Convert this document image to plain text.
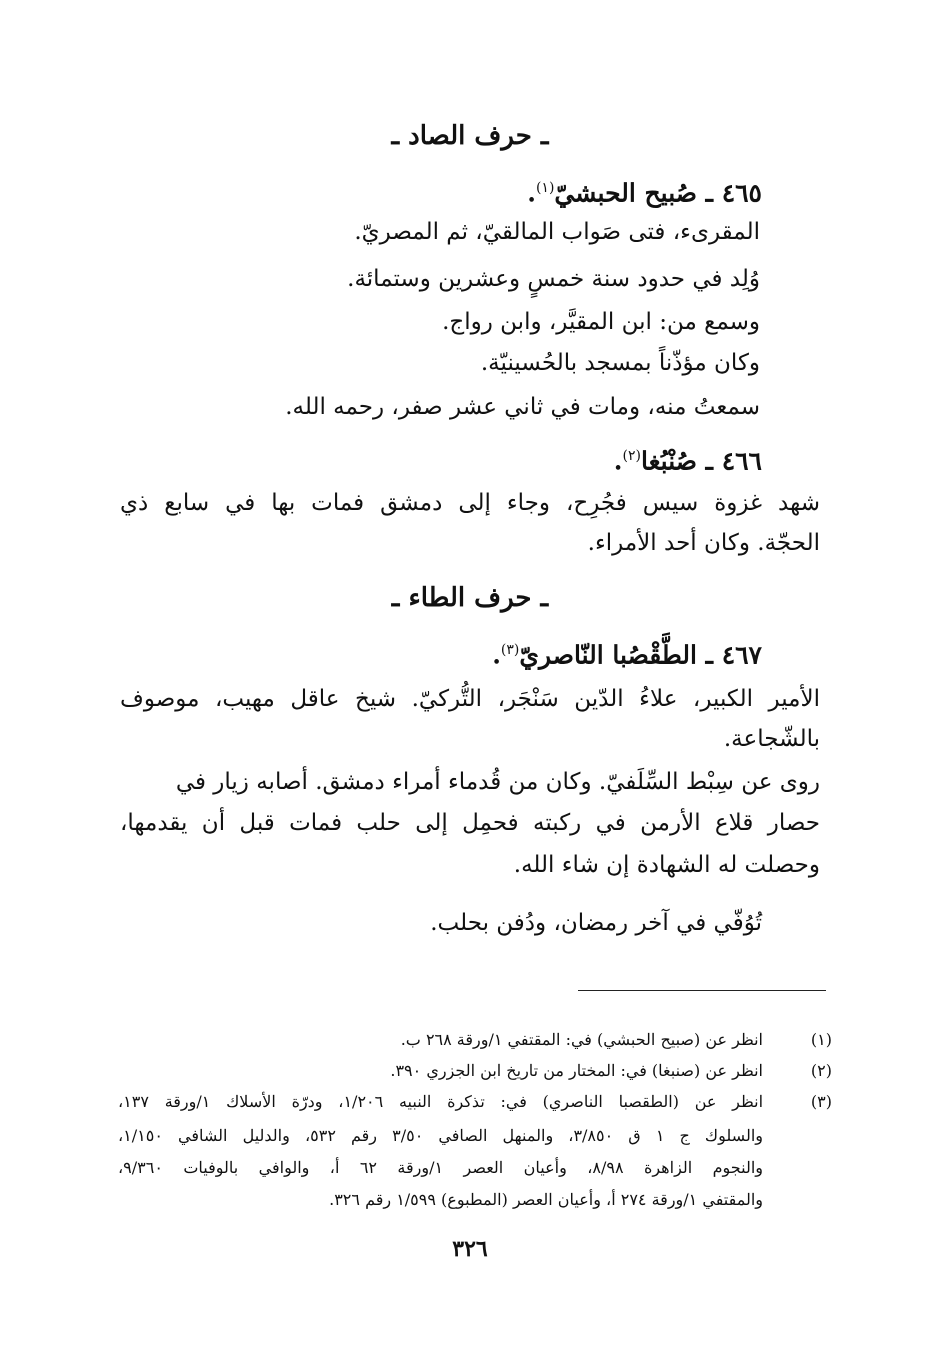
ـ حرف الصاد ـ
٤٦٥ ـ صُبيح الحبشيّ$^{(١)}$.
المقرىء، فتى صَواب المالقيّ، ثم المصريّ.
وُلِد في حدود سنة خمسٍ وعشرين وستمائة.
وسمع من: ابن المقيَّر، وابن رواج.
وكان مؤذّناً بمسجد بالحُسينيّة.
سمعتُ منه، ومات في ثاني عشر صفر، رحمه الله.
٤٦٦ ـ صُنْبُغا$^{(٢)}$.
شهد غزوة سيس فجُرِح، وجاء إلى دمشق فمات بها في سابع ذي
الحجّة. وكان أحد الأمراء.
ـ حرف الطاء ـ
٤٦٧ ـ الطَّقْصُبا النّاصريّ$^{(٣)}$.
الأمير الكبير، علاءُ الدّين سَنْجَر، التُّركيّ. شيخ عاقل مهيب، موصوف
بالشّجاعة.
روى عن سِبْط السِّلَفيّ. وكان من قُدماء أمراء دمشق. أصابه زيار في
حصار قلاع الأرمن في ركبته فحمِل إلى حلب فمات قبل أن يقدمها،
وحصلت له الشهادة إن شاء الله.
تُوُفّي في آخر رمضان، ودُفن بحلب.
(١)
انظر عن (صبيح الحبشي) في: المقتفي ١/ورقة ٢٦٨ ب.
(٢)
انظر عن (صنبغا) في: المختار من تاريخ ابن الجزري ٣٩٠.
(٣)
انظر عن (الطقصبا الناصري) في: تذكرة النبيه ١/٢٠٦، ودرّة الأسلاك ١/ورقة ١٣٧،
والسلوك ج ١ ق ٣/٨٥٠، والمنهل الصافي ٣/٥٠ رقم ٥٣٢، والدليل الشافي ١/١٥٠،
والنجوم الزاهرة ٨/٩٨، وأعيان العصر ١/ورقة ٦٢ أ، والوافي بالوفيات ٩/٣٦٠،
والمقتفي ١/ورقة ٢٧٤ أ، وأعيان العصر (المطبوع) ١/٥٩٩ رقم ٣٢٦.
٣٢٦
